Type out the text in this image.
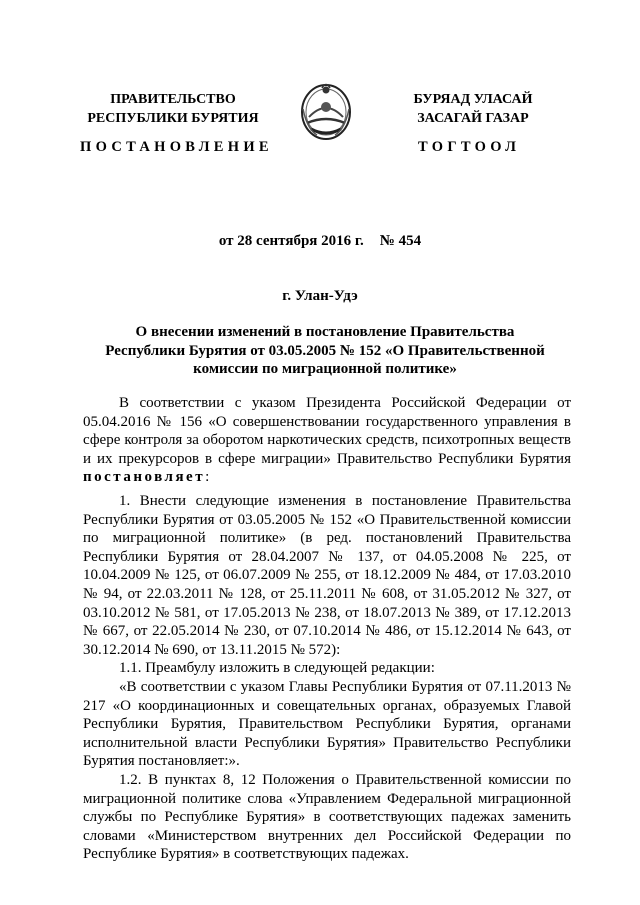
ПРАВИТЕЛЬСТВО
РЕСПУБЛИКИ БУРЯТИЯ
БУРЯАД УЛАСАЙ
ЗАСАГАЙ ГАЗАР
ПОСТАНОВЛЕНИЕ	ТОГТООЛ
от 28 сентября 2016 г. № 454
г. Улан-Удэ
О внесении изменений в постановление Правительства
Республики Бурятия от 03.05.2005 № 152 «О Правительственной
комиссии по миграционной политике»

В соответствии с указом Президента Российской Федерации от 05.04.2016 № 156 «О совершенствовании государственного управления в сфере контроля за оборотом наркотических средств, психотропных веществ и их прекурсоров в сфере миграции» Правительство Республики Бурятия постановляет:

1. Внести следующие изменения в постановление Правительства Республики Бурятия от 03.05.2005 № 152 «О Правительственной комиссии по миграционной политике» (в ред. постановлений Правительства Республики Бурятия от 28.04.2007 № 137, от 04.05.2008 № 225, от 10.04.2009 № 125, от 06.07.2009 № 255, от 18.12.2009 № 484, от 17.03.2010 № 94, от 22.03.2011 № 128, от 25.11.2011 № 608, от 31.05.2012 № 327, от 03.10.2012 № 581, от 17.05.2013 № 238, от 18.07.2013 № 389, от 17.12.2013 № 667, от 22.05.2014 № 230, от 07.10.2014 № 486, от 15.12.2014 № 643, от 30.12.2014 № 690, от 13.11.2015 № 572):

1.1. Преамбулу изложить в следующей редакции:

«В соответствии с указом Главы Республики Бурятия от 07.11.2013 № 217 «О координационных и совещательных органах, образуемых Главой Республики Бурятия, Правительством Республики Бурятия, органами исполнительной власти Республики Бурятия» Правительство Республики Бурятия постановляет:».

1.2. В пунктах 8, 12 Положения о Правительственной комиссии по миграционной политике слова «Управлением Федеральной миграционной службы по Республике Бурятия» в соответствующих падежах заменить словами «Министерством внутренних дел Российской Федерации по Республике Бурятия» в соответствующих падежах.
